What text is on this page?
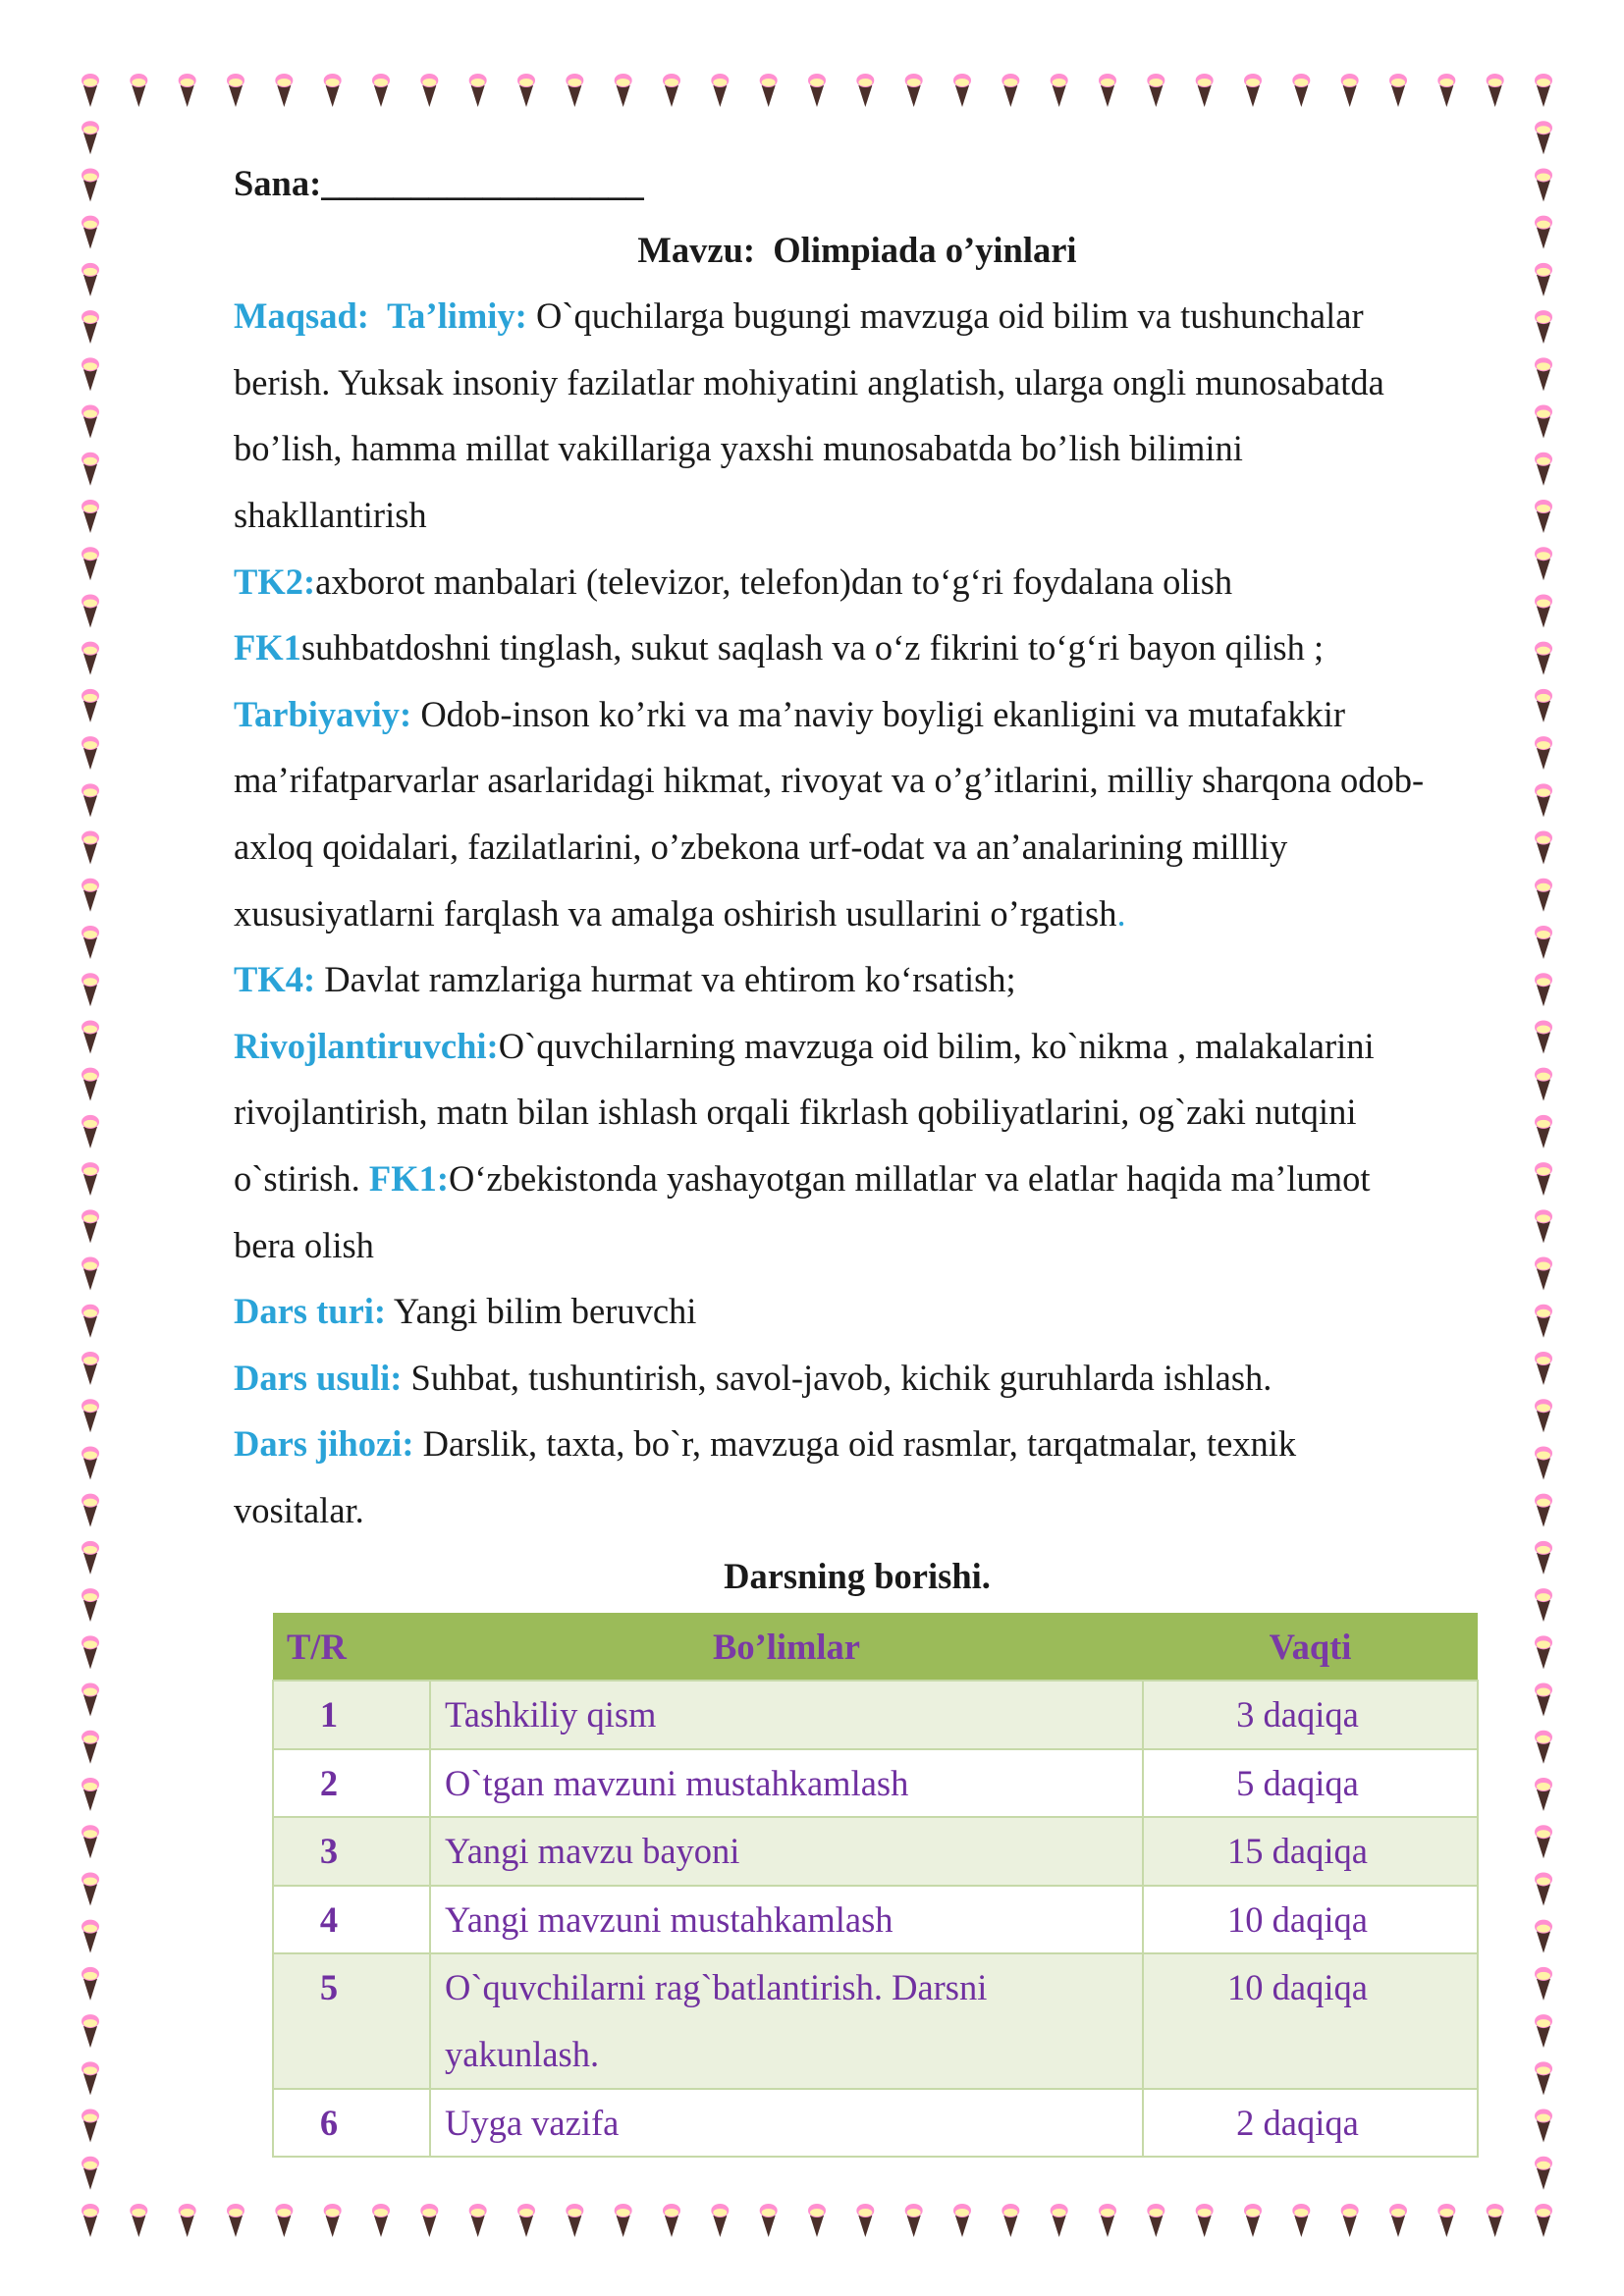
Sana:__________________
Mavzu: Olimpiada o’yinlari
Maqsad: Ta’limiy: O`quchilarga bugungi mavzuga oid bilim va tushunchalar
berish. Yuksak insoniy fazilatlar mohiyatini anglatish, ularga ongli munosabatda
bo’lish, hamma millat vakillariga yaxshi munosabatda bo’lish bilimini
shakllantirish
TK2:axborot manbalari (televizor, telefon)dan to‘g‘ri foydalana olish
FK1suhbatdoshni tinglash, sukut saqlash va o‘z fikrini to‘g‘ri bayon qilish ;
Tarbiyaviy: Odob-inson ko’rki va ma’naviy boyligi ekanligini va mutafakkir
ma’rifatparvarlar asarlaridagi hikmat, rivoyat va o’g’itlarini, milliy sharqona odob-
axloq qoidalari, fazilatlarini, o’zbekona urf-odat va an’analarining millliy
xususiyatlarni farqlash va amalga oshirish usullarini o’rgatish.
TK4: Davlat ramzlariga hurmat va ehtirom ko‘rsatish;
Rivojlantiruvchi:O`quvchilarning mavzuga oid bilim, ko`nikma , malakalarini
rivojlantirish, matn bilan ishlash orqali fikrlash qobiliyatlarini, og`zaki nutqini
o`stirish. FK1:O‘zbekistonda yashayotgan millatlar va elatlar haqida ma’lumot
bera olish
Dars turi: Yangi bilim beruvchi
Dars usuli: Suhbat, tushuntirish, savol-javob, kichik guruhlarda ishlash.
Dars jihozi: Darslik, taxta, bo`r, mavzuga oid rasmlar, tarqatmalar, texnik
vositalar.
Darsning borishi.
T/R	Bo’limlar	Vaqti
1	Tashkiliy qism	3 daqiqa
2	O`tgan mavzuni mustahkamlash	5 daqiqa
3	Yangi mavzu bayoni	15 daqiqa
4	Yangi mavzuni mustahkamlash	10 daqiqa
5	O`quvchilarni rag`batlantirish. Darsni
yakunlash.	10 daqiqa
6	Uyga vazifa	2 daqiqa
